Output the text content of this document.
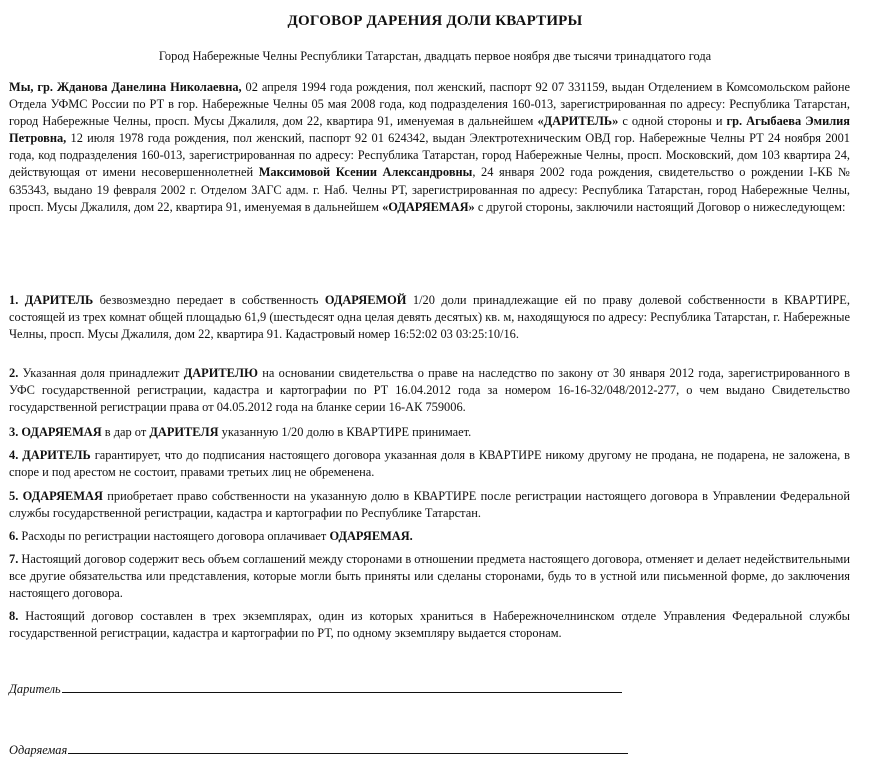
ДОГОВОР ДАРЕНИЯ ДОЛИ КВАРТИРЫ
Город Набережные Челны Республики Татарстан, двадцать первое ноября две тысячи тринадцатого года

Мы, гр. Жданова Данелина Николаевна, 02 апреля 1994 года рождения, пол женский, паспорт 92 07 331159, выдан Отделением в Комсомольском районе Отдела УФМС России по РТ в гор. Набережные Челны 05 мая 2008 года, код подразделения 160-013, зарегистрированная по адресу: Республика Татарстан, город Набережные Челны, просп. Мусы Джалиля, дом 22, квартира 91, именуемая в дальнейшем «ДАРИТЕЛЬ» с одной стороны и гр. Агыбаева Эмилия Петровна, 12 июля 1978 года рождения, пол женский, паспорт 92 01 624342, выдан Электротехническим ОВД гор. Набережные Челны РТ 24 ноября 2001 года, код подразделения 160-013, зарегистрированная по адресу: Республика Татарстан, город Набережные Челны, просп. Московский, дом 103 квартира 24, действующая от имени несовершеннолетней Максимовой Ксении Александровны, 24 января 2002 года рождения, свидетельство о рождении I-КБ № 635343, выдано 19 февраля 2002 г. Отделом ЗАГС адм. г. Наб. Челны РТ, зарегистрированная по адресу: Республика Татарстан, город Набережные Челны, просп. Мусы Джалиля, дом 22, квартира 91, именуемая в дальнейшем «ОДАРЯЕМАЯ» с другой стороны, заключили настоящий Договор о нижеследующем:

1. ДАРИТЕЛЬ безвозмездно передает в собственность ОДАРЯЕМОЙ 1/20 доли принадлежащие ей по праву долевой собственности в КВАРТИРЕ, состоящей из трех комнат общей площадью 61,9 (шестьдесят одна целая девять десятых) кв. м, находящуюся по адресу: Республика Татарстан, г. Набережные Челны, просп. Мусы Джалиля, дом 22, квартира 91. Кадастровый номер 16:52:02 03 03:25:10/16.

2. Указанная доля принадлежит ДАРИТЕЛЮ на основании свидетельства о праве на наследство по закону от 30 января 2012 года, зарегистрированного в УФС государственной регистрации, кадастра и картографии по РТ 16.04.2012 года за номером 16-16-32/048/2012-277, о чем выдано Свидетельство государственной регистрации права от 04.05.2012 года на бланке серии 16-АК 759006.

3. ОДАРЯЕМАЯ в дар от ДАРИТЕЛЯ указанную 1/20 долю в КВАРТИРЕ принимает.

4. ДАРИТЕЛЬ гарантирует, что до подписания настоящего договора указанная доля в КВАРТИРЕ никому другому не продана, не подарена, не заложена, в споре и под арестом не состоит, правами третьих лиц не обременена.

5. ОДАРЯЕМАЯ приобретает право собственности на указанную долю в КВАРТИРЕ после регистрации настоящего договора в Управлении Федеральной службы государственной регистрации, кадастра и картографии по Республике Татарстан.

6. Расходы по регистрации настоящего договора оплачивает ОДАРЯЕМАЯ.

7. Настоящий договор содержит весь объем соглашений между сторонами в отношении предмета настоящего договора, отменяет и делает недействительными все другие обязательства или представления, которые могли быть приняты или сделаны сторонами, будь то в устной или письменной форме, до заключения настоящего договора.

8. Настоящий договор составлен в трех экземплярах, один из которых храниться в Набережночелнинском отделе Управления Федеральной службы государственной регистрации, кадастра и картографии по РТ, по одному экземпляру выдается сторонам.

Даритель
Одаряемая
